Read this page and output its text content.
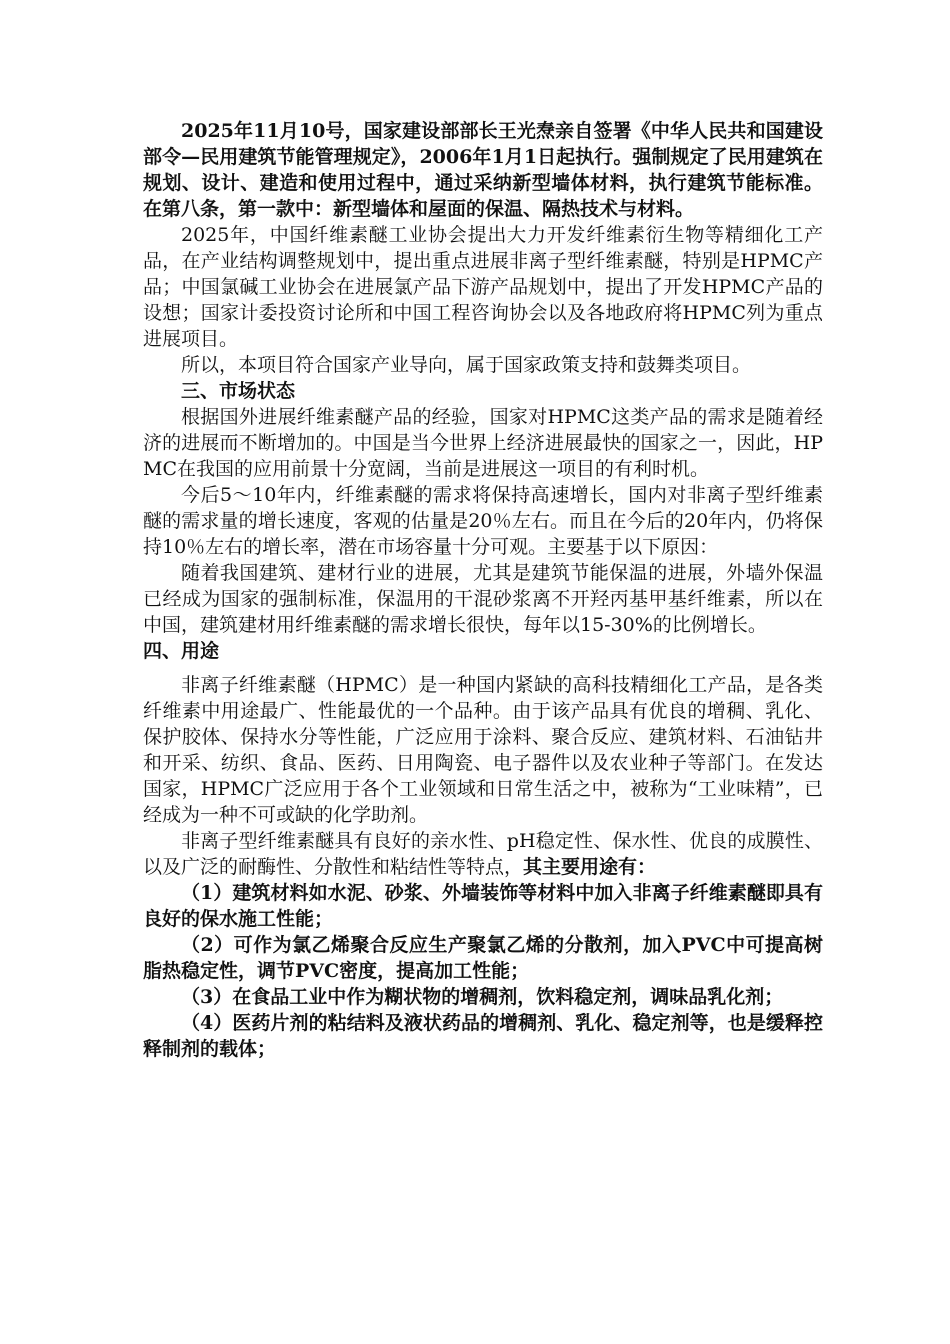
2025年11月10号，国家建设部部长王光焘亲自签署《中华人民共和国建设部令—民用建筑节能管理规定》，2006年1月1日起执行。强制规定了民用建筑在规划、设计、建造和使用过程中，通过采纳新型墙体材料，执行建筑节能标准。在第八条，第一款中：新型墙体和屋面的保温、隔热技术与材料。

2025年，中国纤维素醚工业协会提出大力开发纤维素衍生物等精细化工产品，在产业结构调整规划中，提出重点进展非离子型纤维素醚，特别是HPMC产品；中国氯碱工业协会在进展氯产品下游产品规划中，提出了开发HPMC产品的设想；国家计委投资讨论所和中国工程咨询协会以及各地政府将HPMC列为重点进展项目。

所以，本项目符合国家产业导向，属于国家政策支持和鼓舞类项目。

三、市场状态

根据国外进展纤维素醚产品的经验，国家对HPMC这类产品的需求是随着经济的进展而不断增加的。中国是当今世界上经济进展最快的国家之一，因此，HPMC在我国的应用前景十分宽阔，当前是进展这一项目的有利时机。

今后5～10年内，纤维素醚的需求将保持高速增长，国内对非离子型纤维素醚的需求量的增长速度，客观的估量是20％左右。而且在今后的20年内，仍将保持10％左右的增长率，潜在市场容量十分可观。主要基于以下原因：

随着我国建筑、建材行业的进展，尤其是建筑节能保温的进展，外墙外保温已经成为国家的强制标准，保温用的干混砂浆离不开羟丙基甲基纤维素，所以在中国，建筑建材用纤维素醚的需求增长很快，每年以15-30%的比例增长。

四、用途

非离子纤维素醚（HPMC）是一种国内紧缺的高科技精细化工产品，是各类纤维素中用途最广、性能最优的一个品种。由于该产品具有优良的增稠、乳化、保护胶体、保持水分等性能，广泛应用于涂料、聚合反应、建筑材料、石油钻井和开采、纺织、食品、医药、日用陶瓷、电子器件以及农业种子等部门。在发达国家，HPMC广泛应用于各个工业领域和日常生活之中，被称为“工业味精”，已经成为一种不可或缺的化学助剂。

非离子型纤维素醚具有良好的亲水性、pH稳定性、保水性、优良的成膜性、以及广泛的耐酶性、分散性和粘结性等特点，其主要用途有：

（1）建筑材料如水泥、砂浆、外墙装饰等材料中加入非离子纤维素醚即具有良好的保水施工性能；

（2）可作为氯乙烯聚合反应生产聚氯乙烯的分散剂，加入PVC中可提高树脂热稳定性，调节PVC密度，提高加工性能；

（3）在食品工业中作为糊状物的增稠剂，饮料稳定剂，调味品乳化剂；

（4）医药片剂的粘结料及液状药品的增稠剂、乳化、稳定剂等，也是缓释控释制剂的载体；
